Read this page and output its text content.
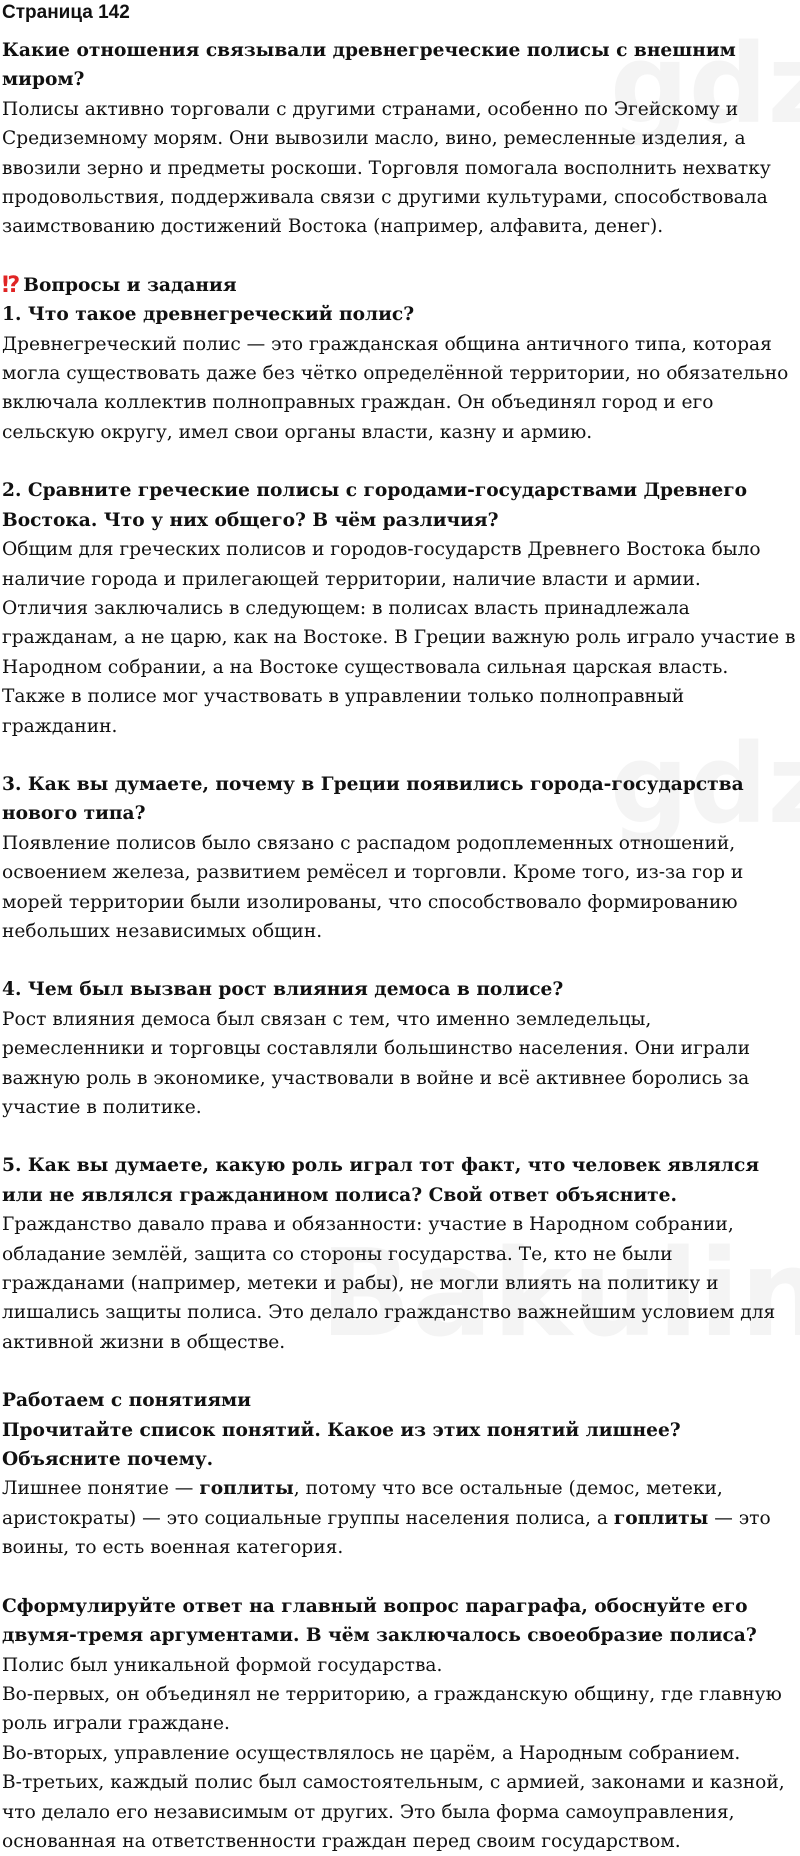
Страница 142

Какие отношения связывали древнегреческие полисы с внешним миром?

Полисы активно торговали с другими странами, особенно по Эгейскому и Средиземному морям. Они вывозили масло, вино, ремесленные изделия, а ввозили зерно и предметы роскоши. Торговля помогала восполнить нехватку продовольствия, поддерживала связи с другими культурами, способствовала заимствованию достижений Востока (например, алфавита, денег).

⁉ Вопросы и задания

1. Что такое древнегреческий полис?

Древнегреческий полис — это гражданская община античного типа, которая могла существовать даже без чётко определённой территории, но обязательно включала коллектив полноправных граждан. Он объединял город и его сельскую округу, имел свои органы власти, казну и армию.

2. Сравните греческие полисы с городами-государствами Древнего Востока. Что у них общего? В чём различия?

Общим для греческих полисов и городов-государств Древнего Востока было наличие города и прилегающей территории, наличие власти и армии.

Отличия заключались в следующем: в полисах власть принадлежала гражданам, а не царю, как на Востоке. В Греции важную роль играло участие в Народном собрании, а на Востоке существовала сильная царская власть. Также в полисе мог участвовать в управлении только полноправный гражданин.

3. Как вы думаете, почему в Греции появились города-государства нового типа?

Появление полисов было связано с распадом родоплеменных отношений, освоением железа, развитием ремёсел и торговли. Кроме того, из-за гор и морей территории были изолированы, что способствовало формированию небольших независимых общин.

4. Чем был вызван рост влияния демоса в полисе?

Рост влияния демоса был связан с тем, что именно земледельцы, ремесленники и торговцы составляли большинство населения. Они играли важную роль в экономике, участвовали в войне и всё активнее боролись за участие в политике.

5. Как вы думаете, какую роль играл тот факт, что человек являлся или не являлся гражданином полиса? Свой ответ объясните.

Гражданство давало права и обязанности: участие в Народном собрании, обладание землёй, защита со стороны государства. Те, кто не были гражданами (например, метеки и рабы), не могли влиять на политику и лишались защиты полиса. Это делало гражданство важнейшим условием для активной жизни в обществе.

Работаем с понятиями

Прочитайте список понятий. Какое из этих понятий лишнее? Объясните почему.

Лишнее понятие — гоплиты, потому что все остальные (демос, метеки, аристократы) — это социальные группы населения полиса, а гоплиты — это воины, то есть военная категория.

Сформулируйте ответ на главный вопрос параграфа, обоснуйте его двумя-тремя аргументами. В чём заключалось своеобразие полиса?

Полис был уникальной формой государства.

Во-первых, он объединял не территорию, а гражданскую общину, где главную роль играли граждане.

Во-вторых, управление осуществлялось не царём, а Народным собранием.

В-третьих, каждый полис был самостоятельным, с армией, законами и казной, что делало его независимым от других. Это была форма самоуправления, основанная на ответственности граждан перед своим государством.
